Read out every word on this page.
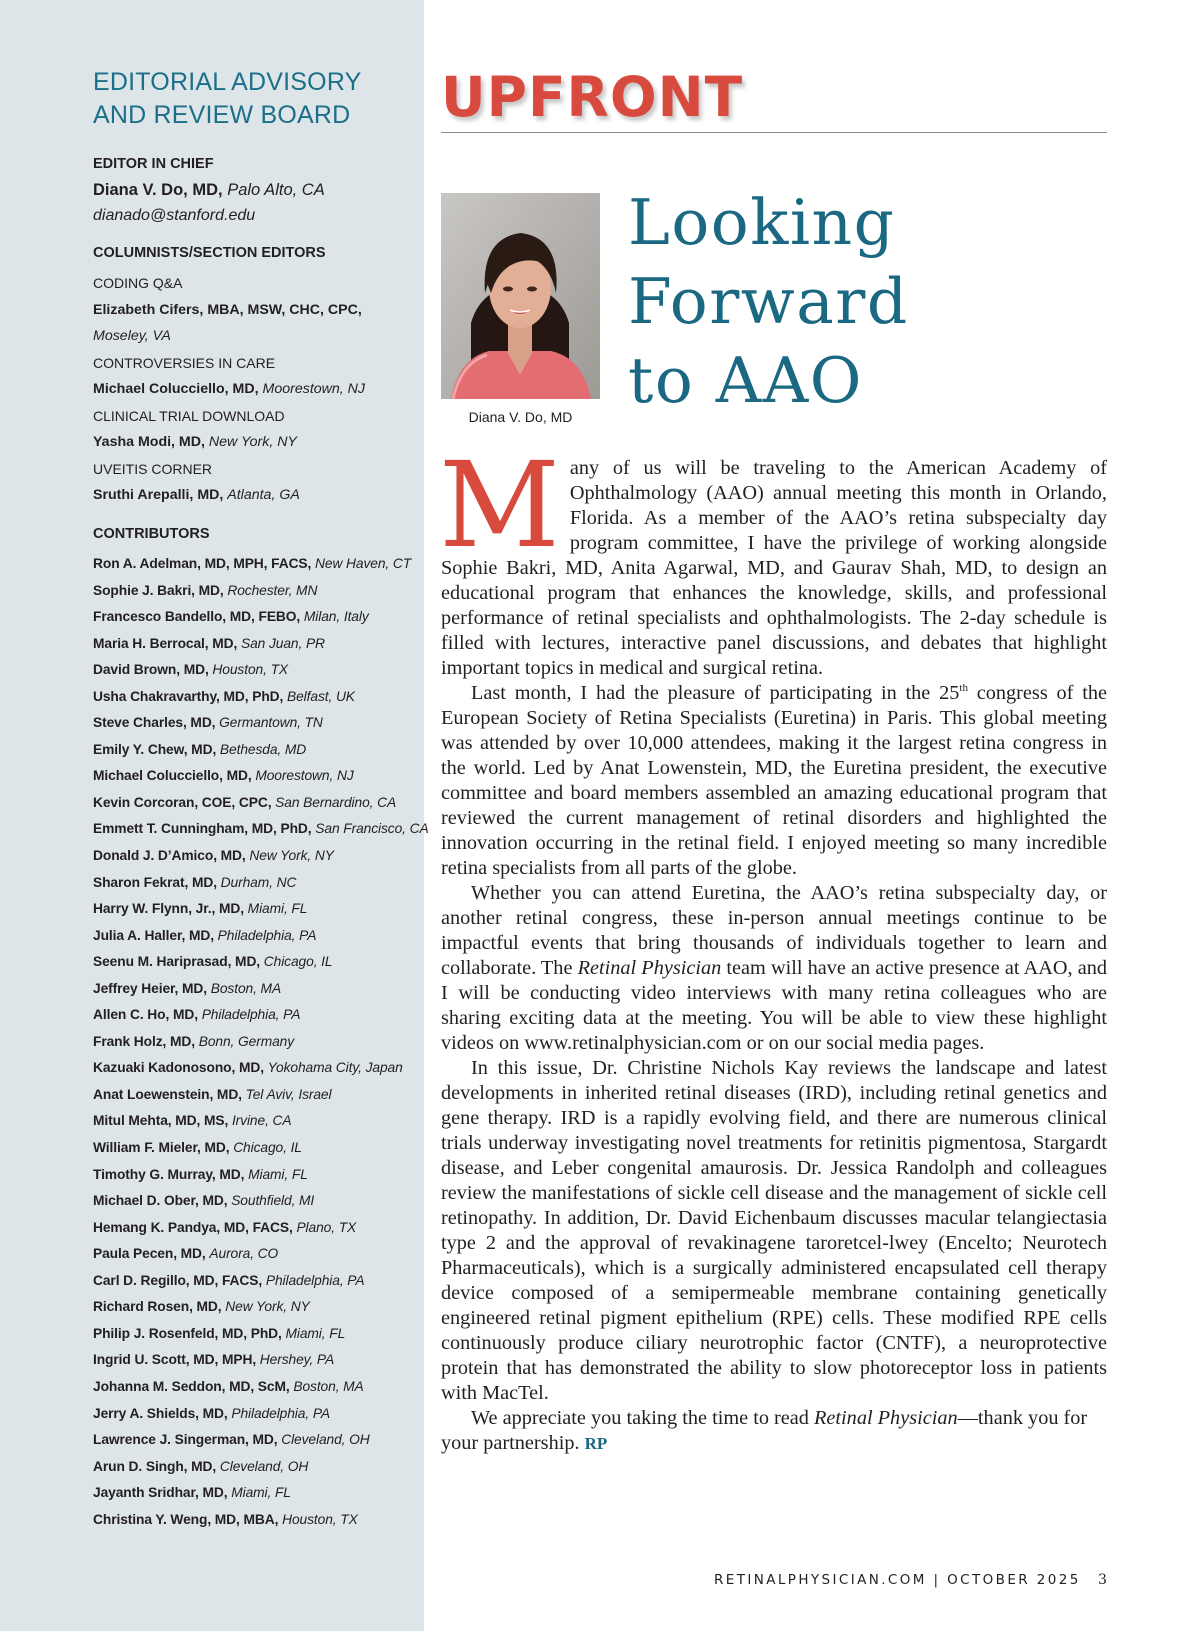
EDITORIAL ADVISORY
AND REVIEW BOARD
EDITOR IN CHIEF
Diana V. Do, MD, Palo Alto, CA
dianado@stanford.edu
COLUMNISTS/SECTION EDITORS
CODING Q&A
Elizabeth Cifers, MBA, MSW, CHC, CPC,
Moseley, VA
CONTROVERSIES IN CARE
Michael Colucciello, MD, Moorestown, NJ
CLINICAL TRIAL DOWNLOAD
Yasha Modi, MD, New York, NY
UVEITIS CORNER
Sruthi Arepalli, MD, Atlanta, GA
CONTRIBUTORS
Ron A. Adelman, MD, MPH, FACS, New Haven, CT
Sophie J. Bakri, MD, Rochester, MN
Francesco Bandello, MD, FEBO, Milan, Italy
Maria H. Berrocal, MD, San Juan, PR
David Brown, MD, Houston, TX
Usha Chakravarthy, MD, PhD, Belfast, UK
Steve Charles, MD, Germantown, TN
Emily Y. Chew, MD, Bethesda, MD
Michael Colucciello, MD, Moorestown, NJ
Kevin Corcoran, COE, CPC, San Bernardino, CA
Emmett T. Cunningham, MD, PhD, San Francisco, CA
Donald J. D’Amico, MD, New York, NY
Sharon Fekrat, MD, Durham, NC
Harry W. Flynn, Jr., MD, Miami, FL
Julia A. Haller, MD, Philadelphia, PA
Seenu M. Hariprasad, MD, Chicago, IL
Jeffrey Heier, MD, Boston, MA
Allen C. Ho, MD, Philadelphia, PA
Frank Holz, MD, Bonn, Germany
Kazuaki Kadonosono, MD, Yokohama City, Japan
Anat Loewenstein, MD, Tel Aviv, Israel
Mitul Mehta, MD, MS, Irvine, CA
William F. Mieler, MD, Chicago, IL
Timothy G. Murray, MD, Miami, FL
Michael D. Ober, MD, Southfield, MI
Hemang K. Pandya, MD, FACS, Plano, TX
Paula Pecen, MD, Aurora, CO
Carl D. Regillo, MD, FACS, Philadelphia, PA
Richard Rosen, MD, New York, NY
Philip J. Rosenfeld, MD, PhD, Miami, FL
Ingrid U. Scott, MD, MPH, Hershey, PA
Johanna M. Seddon, MD, ScM, Boston, MA
Jerry A. Shields, MD, Philadelphia, PA
Lawrence J. Singerman, MD, Cleveland, OH
Arun D. Singh, MD, Cleveland, OH
Jayanth Sridhar, MD, Miami, FL
Christina Y. Weng, MD, MBA, Houston, TX
UPFRONT
Diana V. Do, MD
Looking
Forward
to AAO

Many of us will be traveling to the American Academy of Ophthalmology (AAO) annual meeting this month in Orlando, Florida. As a member of the AAO’s retina subspecialty day program committee, I have the privilege of working alongside Sophie Bakri, MD, Anita Agarwal, MD, and Gaurav Shah, MD, to design an educational program that enhances the knowledge, skills, and professional performance of retinal specialists and ophthalmologists. The 2-day schedule is filled with lectures, interactive panel discussions, and debates that highlight important topics in medical and surgical retina.

Last month, I had the pleasure of participating in the 25th congress of the European Society of Retina Specialists (Euretina) in Paris. This global meeting was attended by over 10,000 attendees, making it the largest retina congress in the world. Led by Anat Lowenstein, MD, the Euretina president, the executive committee and board members assembled an amazing educational program that reviewed the current management of retinal disorders and highlighted the innovation occurring in the retinal field. I enjoyed meeting so many incredible retina specialists from all parts of the globe.

Whether you can attend Euretina, the AAO’s retina subspecialty day, or another retinal congress, these in-person annual meetings continue to be impactful events that bring thousands of individuals together to learn and collaborate. The Retinal Physician team will have an active presence at AAO, and I will be conducting video interviews with many retina colleagues who are sharing exciting data at the meeting. You will be able to view these highlight videos on www.retinalphysician.com or on our social media pages.

In this issue, Dr. Christine Nichols Kay reviews the landscape and latest developments in inherited retinal diseases (IRD), including retinal genetics and gene therapy. IRD is a rapidly evolving field, and there are numerous clinical trials underway investigating novel treatments for retinitis pigmentosa, Stargardt disease, and Leber congenital amaurosis. Dr. Jessica Randolph and colleagues review the manifestations of sickle cell disease and the management of sickle cell retinopathy. In addition, Dr. David Eichenbaum discusses macular telangiectasia type 2 and the approval of revakinagene taroretcel-lwey (Encelto; Neurotech Pharmaceuticals), which is a surgically administered encapsulated cell therapy device composed of a semipermeable membrane containing genetically engineered retinal pigment epithelium (RPE) cells. These modified RPE cells continuously produce ciliary neurotrophic factor (CNTF), a neuroprotective protein that has demonstrated the ability to slow photoreceptor loss in patients with MacTel.

We appreciate you taking the time to read Retinal Physician—thank you for your partnership. RP

RETINALPHYSICIAN.COM | OCTOBER 2025 3
